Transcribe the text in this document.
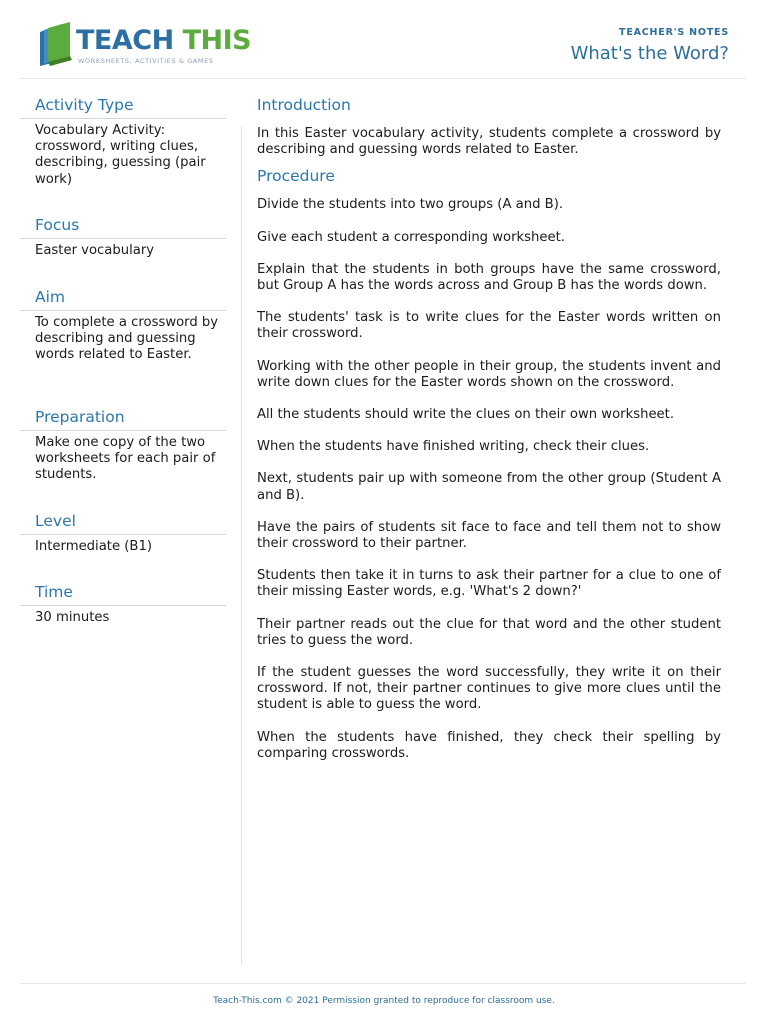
TEACH THIS
WORKSHEETS, ACTIVITIES & GAMES
TEACHER'S NOTES
What's the Word?
Activity Type
Vocabulary Activity: crossword, writing clues, describing, guessing (pair work)
Focus
Easter vocabulary
Aim
To complete a crossword by describing and guessing words related to Easter.
Preparation
Make one copy of the two worksheets for each pair of students.
Level
Intermediate (B1)
Time
30 minutes
Introduction

In this Easter vocabulary activity, students complete a crossword by describing and guessing words related to Easter.

Procedure

Divide the students into two groups (A and B).

Give each student a corresponding worksheet.

Explain that the students in both groups have the same crossword, but Group A has the words across and Group B has the words down.

The students' task is to write clues for the Easter words written on their crossword.

Working with the other people in their group, the students invent and write down clues for the Easter words shown on the crossword.

All the students should write the clues on their own worksheet.

When the students have finished writing, check their clues.

Next, students pair up with someone from the other group (Student A and B).

Have the pairs of students sit face to face and tell them not to show their crossword to their partner.

Students then take it in turns to ask their partner for a clue to one of their missing Easter words, e.g. 'What's 2 down?'

Their partner reads out the clue for that word and the other student tries to guess the word.

If the student guesses the word successfully, they write it on their crossword. If not, their partner continues to give more clues until the student is able to guess the word.

When the students have finished, they check their spelling by comparing crosswords.

Teach-This.com © 2021 Permission granted to reproduce for classroom use.
